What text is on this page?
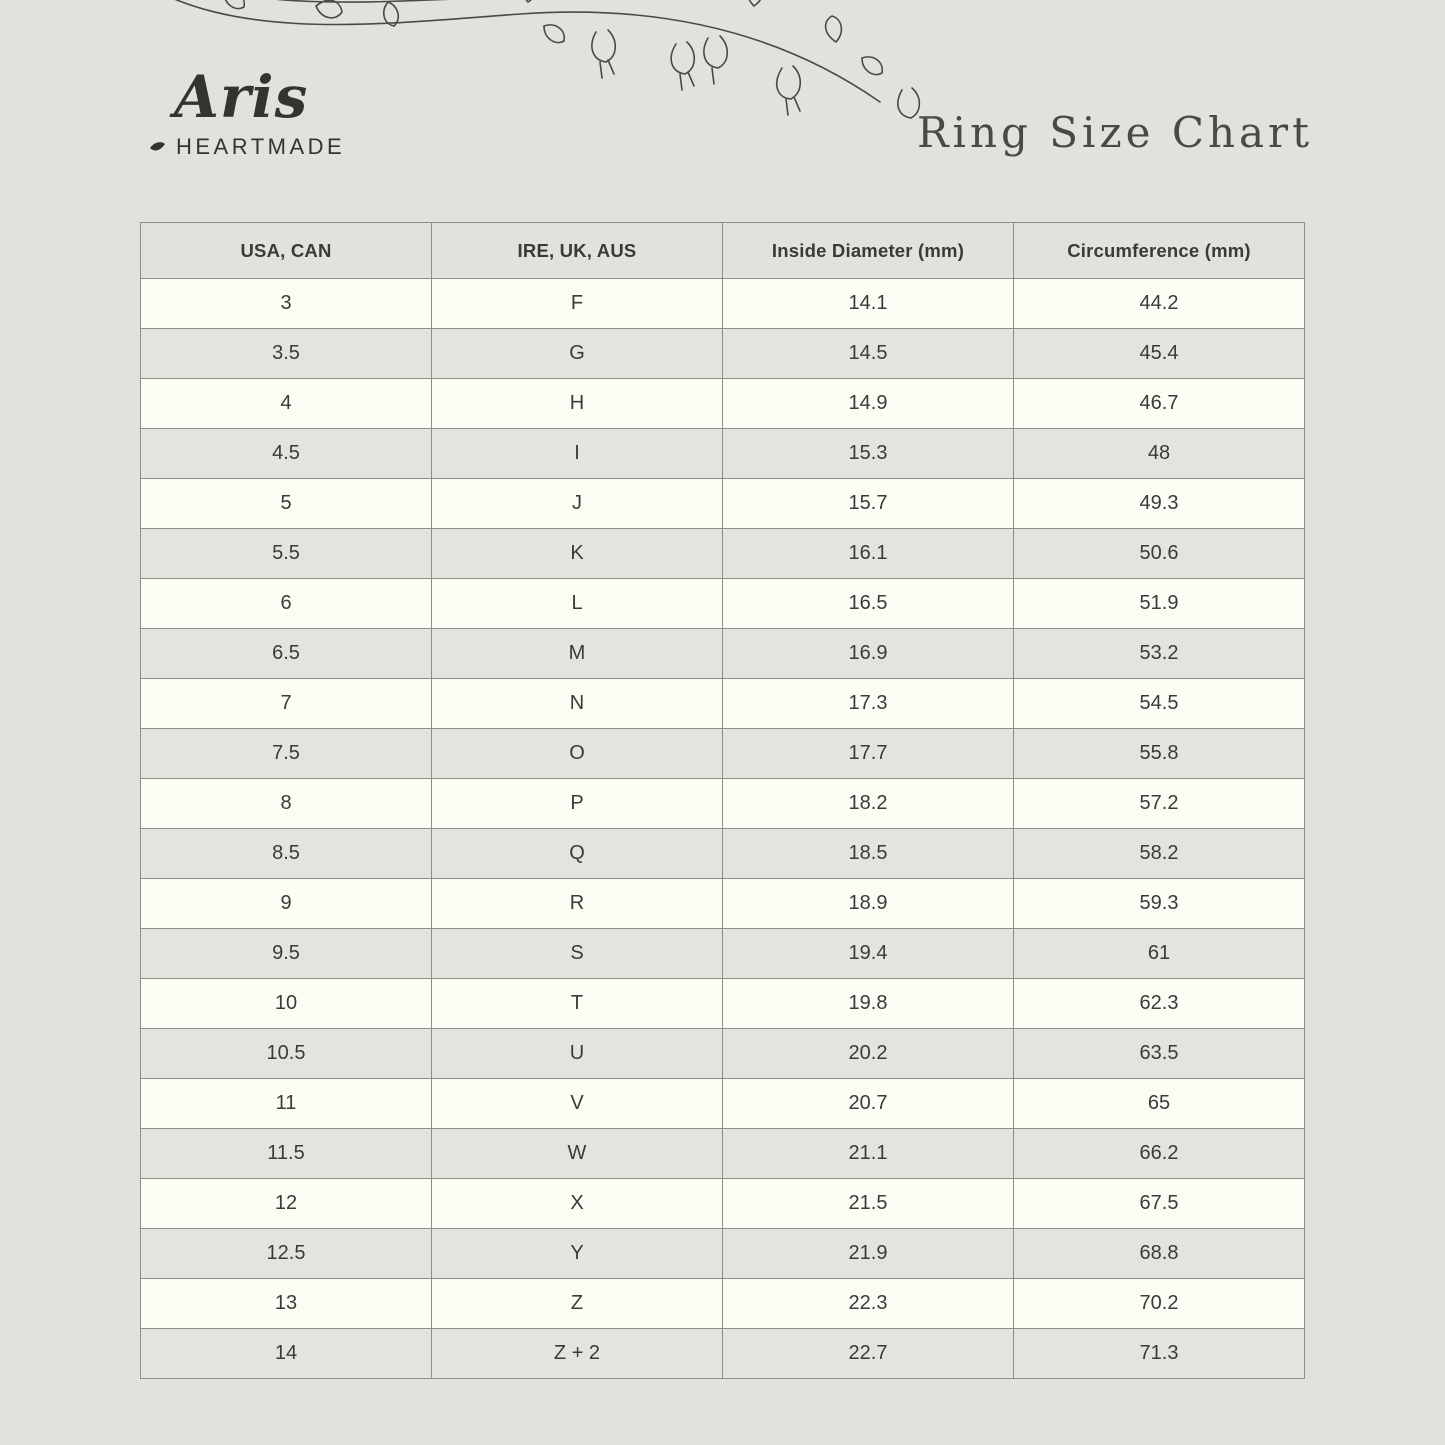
Aris
HEARTMADE	Ring Size Chart
USA, CAN	IRE, UK, AUS	Inside Diameter (mm)	Circumference (mm)
3	F	14.1	44.2
3.5	G	14.5	45.4
4	H	14.9	46.7
4.5	I	15.3	48
5	J	15.7	49.3
5.5	K	16.1	50.6
6	L	16.5	51.9
6.5	M	16.9	53.2
7	N	17.3	54.5
7.5	O	17.7	55.8
8	P	18.2	57.2
8.5	Q	18.5	58.2
9	R	18.9	59.3
9.5	S	19.4	61
10	T	19.8	62.3
10.5	U	20.2	63.5
11	V	20.7	65
11.5	W	21.1	66.2
12	X	21.5	67.5
12.5	Y	21.9	68.8
13	Z	22.3	70.2
14	Z + 2	22.7	71.3
